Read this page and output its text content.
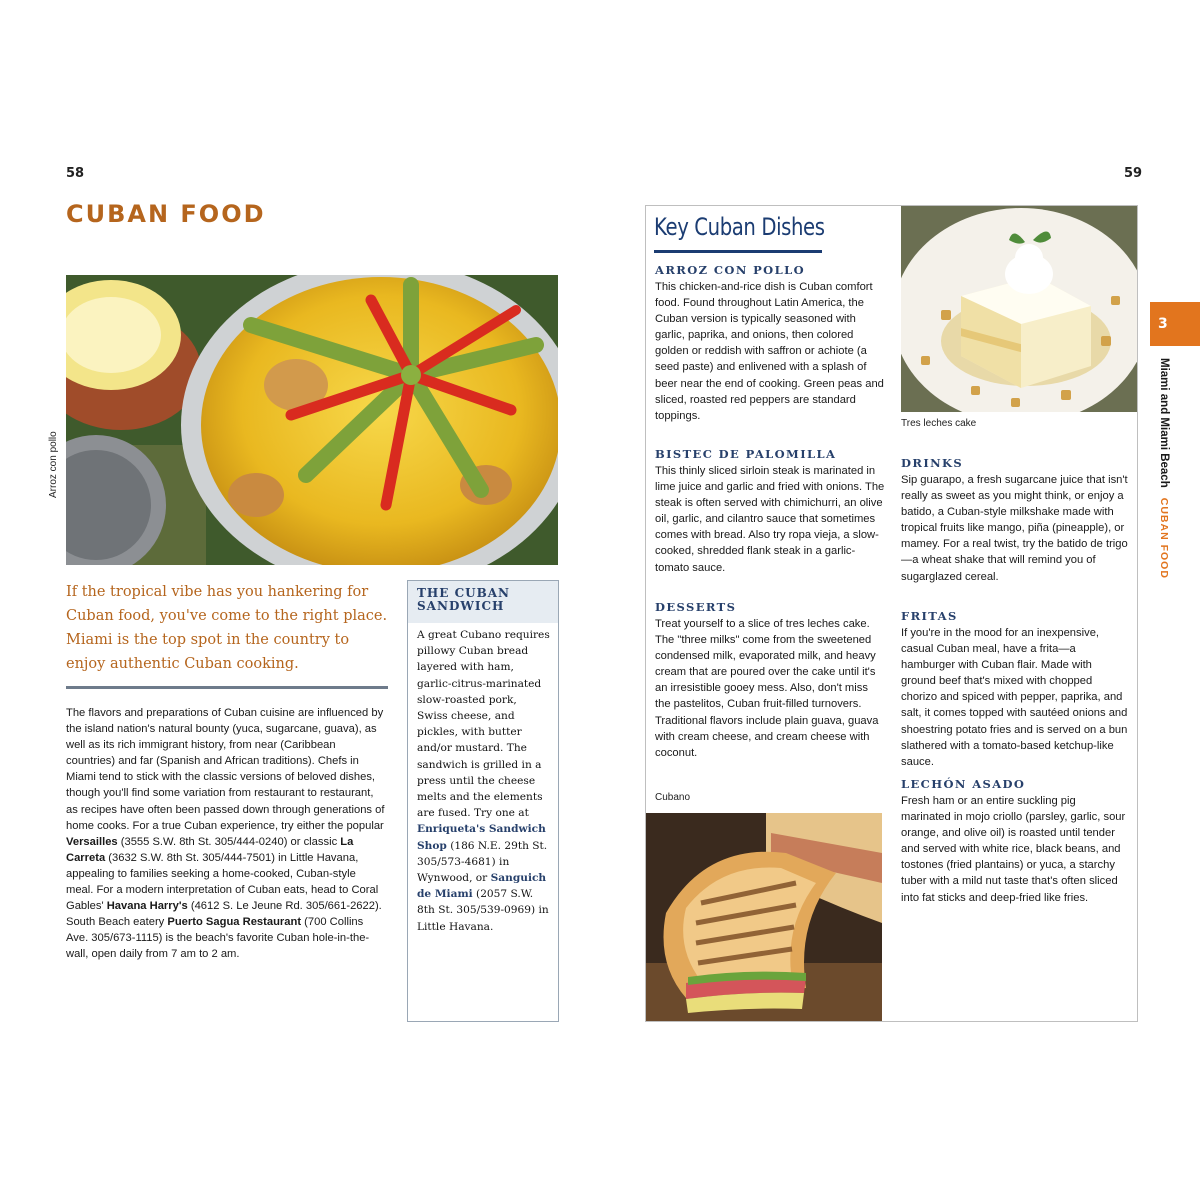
58
CUBAN FOOD
Arroz con pollo
If the tropical vibe has you hankering for Cuban food, you've come to the right place. Miami is the top spot in the country to enjoy authentic Cuban cooking.
The flavors and preparations of Cuban cuisine are influenced by the island nation's natural bounty (yuca, sugarcane, guava), as well as its rich immigrant history, from near (Caribbean countries) and far (Spanish and African traditions). Chefs in Miami tend to stick with the classic versions of beloved dishes, though you'll find some variation from restaurant to restaurant, as recipes have often been passed down through generations of home cooks. For a true Cuban experience, try either the popular Versailles (3555 S.W. 8th St. 305/444-0240) or classic La Carreta (3632 S.W. 8th St. 305/444-7501) in Little Havana, appealing to families seeking a home-cooked, Cuban-style meal. For a modern interpretation of Cuban eats, head to Coral Gables' Havana Harry's (4612 S. Le Jeune Rd. 305/661-2622). South Beach eatery Puerto Sagua Restaurant (700 Collins Ave. 305/673-1115) is the beach's favorite Cuban hole-in-the-wall, open daily from 7 am to 2 am.
THE CUBAN SANDWICH
A great Cubano requires pillowy Cuban bread layered with ham, garlic-citrus-marinated slow-roasted pork, Swiss cheese, and pickles, with butter and/or mustard. The sandwich is grilled in a press until the cheese melts and the elements are fused. Try one at Enriqueta's Sandwich Shop (186 N.E. 29th St. 305/573-4681) in Wynwood, or Sanguich de Miami (2057 S.W. 8th St. 305/539-0969) in Little Havana.
59
Key Cuban Dishes
ARROZ CON POLLO
This chicken-and-rice dish is Cuban comfort food. Found throughout Latin America, the Cuban version is typically seasoned with garlic, paprika, and onions, then colored golden or reddish with saffron or achiote (a seed paste) and enlivened with a splash of beer near the end of cooking. Green peas and sliced, roasted red peppers are standard toppings.
BISTEC DE PALOMILLA
This thinly sliced sirloin steak is marinated in lime juice and garlic and fried with onions. The steak is often served with chimichurri, an olive oil, garlic, and cilantro sauce that sometimes comes with bread. Also try ropa vieja, a slow-cooked, shredded flank steak in a garlic-tomato sauce.
DESSERTS
Treat yourself to a slice of tres leches cake. The "three milks" come from the sweetened condensed milk, evaporated milk, and heavy cream that are poured over the cake until it's an irresistible gooey mess. Also, don't miss the pastelitos, Cuban fruit-filled turnovers. Traditional flavors include plain guava, guava with cream cheese, and cream cheese with coconut.
Cubano
Tres leches cake
DRINKS
Sip guarapo, a fresh sugarcane juice that isn't really as sweet as you might think, or enjoy a batido, a Cuban-style milkshake made with tropical fruits like mango, piña (pineapple), or mamey. For a real twist, try the batido de trigo—a wheat shake that will remind you of sugarglazed cereal.
FRITAS
If you're in the mood for an inexpensive, casual Cuban meal, have a frita—a hamburger with Cuban flair. Made with ground beef that's mixed with chopped chorizo and spiced with pepper, paprika, and salt, it comes topped with sautéed onions and shoestring potato fries and is served on a bun slathered with a tomato-based ketchup-like sauce.
LECHÓN ASADO
Fresh ham or an entire suckling pig marinated in mojo criollo (parsley, garlic, sour orange, and olive oil) is roasted until tender and served with white rice, black beans, and tostones (fried plantains) or yuca, a starchy tuber with a mild nut taste that's often sliced into fat sticks and deep-fried like fries.
3
Miami and Miami BeachCUBAN FOOD
